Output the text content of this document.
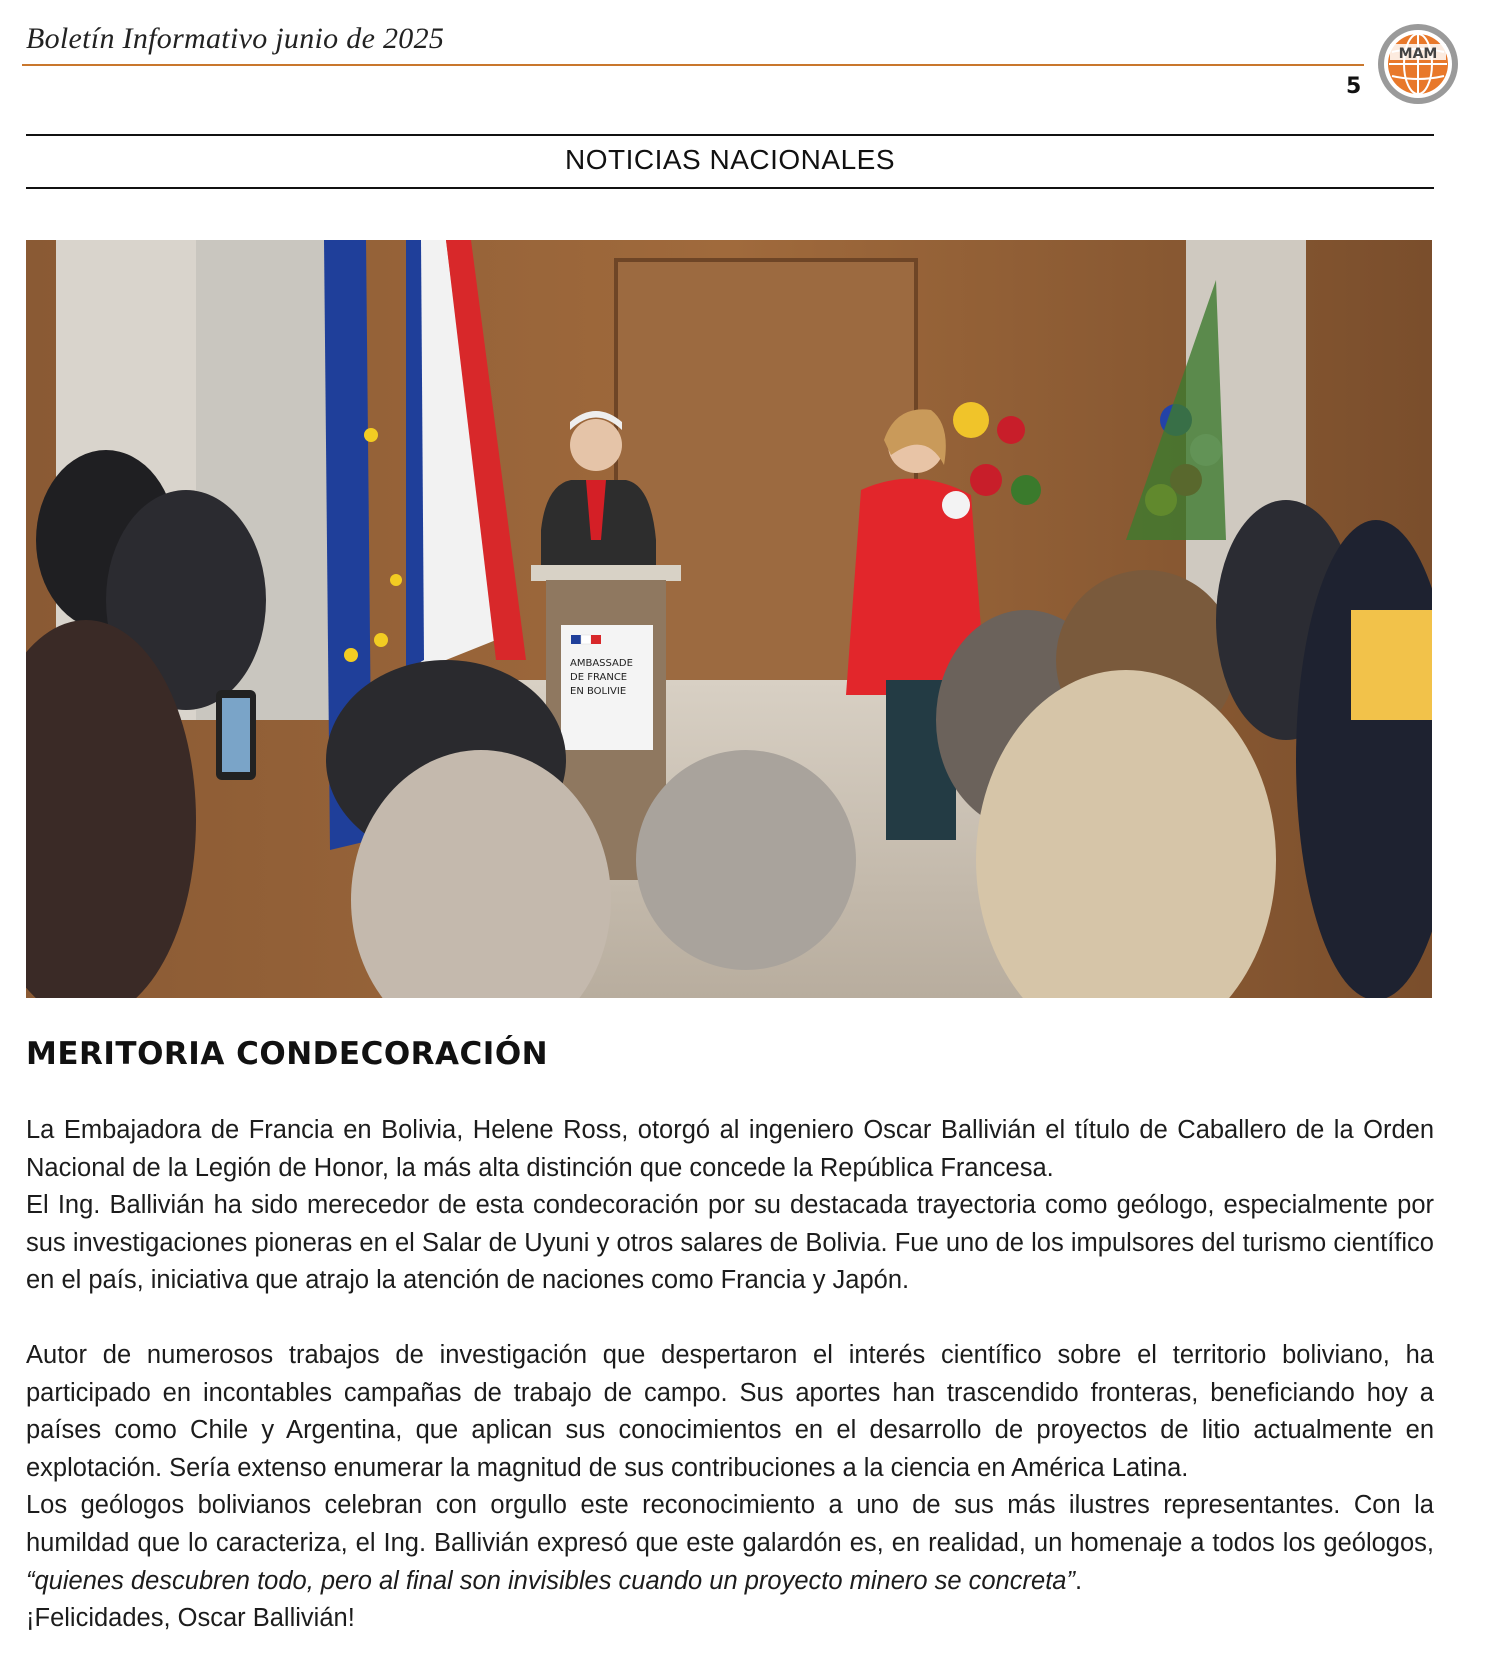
Boletín Informativo junio de 2025
5
MAM
NOTICIAS NACIONALES
AMBASSADE
DE FRANCE
EN BOLIVIE
MERITORIA CONDECORACIÓN

La Embajadora de Francia en Bolivia, Helene Ross, otorgó al ingeniero Oscar Ballivián el título de Caballero de la Orden Nacional de la Legión de Honor, la más alta distinción que concede la República Francesa.

El Ing. Ballivián ha sido merecedor de esta condecoración por su destacada trayectoria como geólogo, especialmente por sus investigaciones pioneras en el Salar de Uyuni y otros salares de Bolivia. Fue uno de los impulsores del turismo científico en el país, iniciativa que atrajo la atención de naciones como Francia y Japón.

Autor de numerosos trabajos de investigación que despertaron el interés científico sobre el territorio boliviano, ha participado en incontables campañas de trabajo de campo. Sus aportes han trascendido fronteras, beneficiando hoy a países como Chile y Argentina, que aplican sus conocimientos en el desarrollo de proyectos de litio actualmente en explotación. Sería extenso enumerar la magnitud de sus contribuciones a la ciencia en América Latina.

Los geólogos bolivianos celebran con orgullo este reconocimiento a uno de sus más ilustres representantes. Con la humildad que lo caracteriza, el Ing. Ballivián expresó que este galardón es, en realidad, un homenaje a todos los geólogos, “quienes descubren todo, pero al final son invisibles cuando un proyecto minero se concreta”.

¡Felicidades, Oscar Ballivián!
